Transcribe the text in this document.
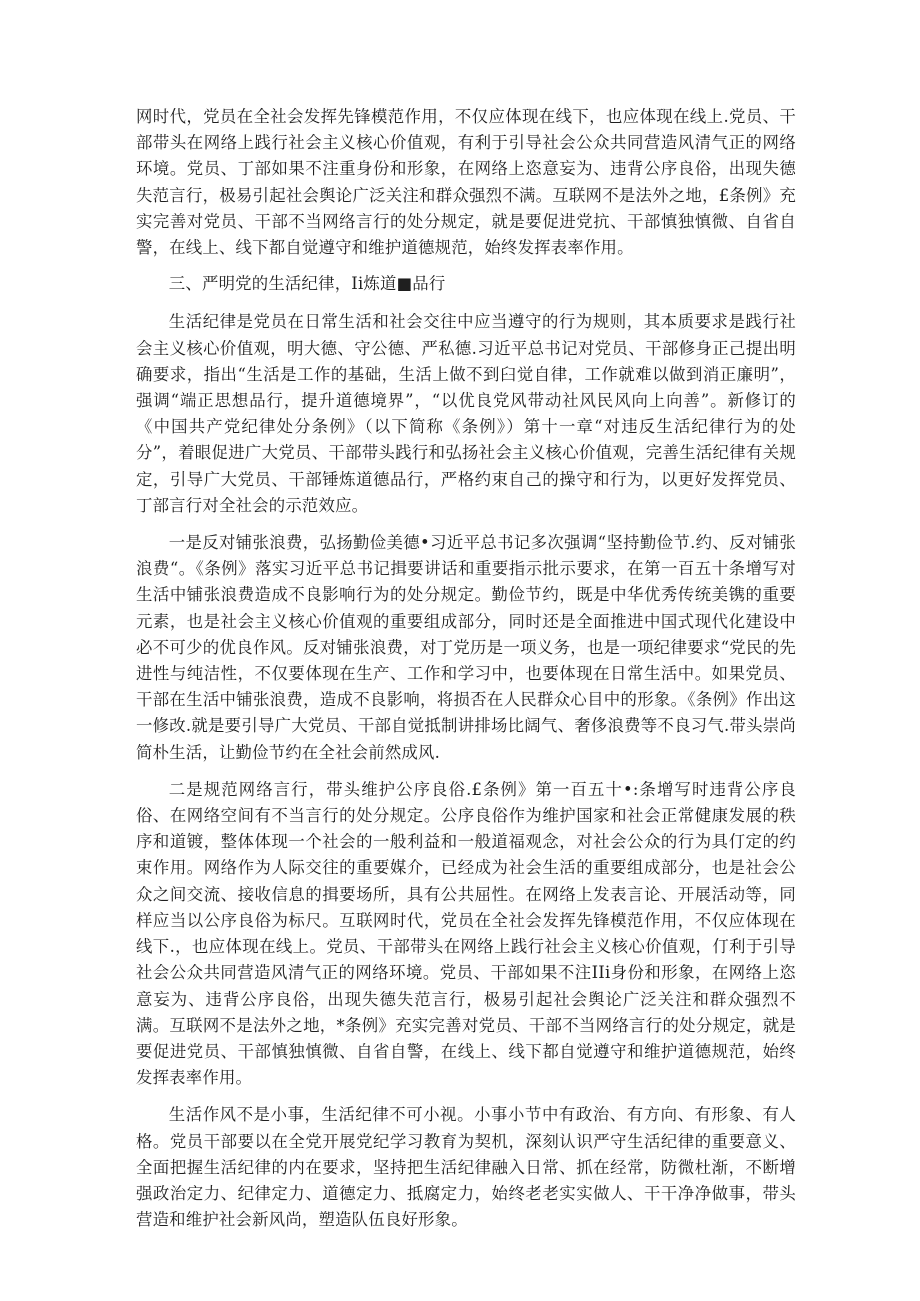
网时代，党员在全社会发挥先锋模范作用，不仅应体现在线下，也应体现在线上.党员、干部带头在网络上践行社会主义核心价值观，有利于引导社会公众共同营造风清气正的网络环境。党员、丁部如果不注重身份和形象，在网络上恣意妄为、违背公序良俗，出现失德失范言行，极易引起社会舆论广泛关注和群众强烈不满。互联网不是法外之地，£条例》充实完善对党员、干部不当网络言行的处分规定，就是要促进党抗、干部慎独慎微、自省自警，在线上、线下都自觉遵守和维护道德规范，始终发挥表率作用。

三、严明党的生活纪律，Ii炼道■品行

生活纪律是党员在日常生活和社会交往中应当遵守的行为规则，其本质要求是践行社会主义核心价值观，明大德、守公德、严私德.习近平总书记对党员、干部修身正己提出明确要求，指出“生活是工作的基础，生活上做不到臼觉自律，工作就难以做到消正廉明”，强调“端正思想品行，提升道德境界”，“以优良党风带动社风民风向上向善”。新修订的《中国共产党纪律处分条例》（以下简称《条例》）第十一章“对违反生活纪律行为的处分”，着眼促进广大党员、干部带头践行和弘扬社会主义核心价值观，完善生活纪律有关规定，引导广大党员、干部锤炼道德品行，严格约束自己的操守和行为，以更好发挥党员、丁部言行对全社会的示范效应。

一是反对铺张浪费，弘扬勤俭美德•习近平总书记多次强调“坚持勤俭节.约、反对铺张浪费“。《条例》落实习近平总书记揖要讲话和重要指示批示要求，在第一百五十条增写对生活中铺张浪费造成不良影响行为的处分规定。勤俭节约，既是中华优秀传统美镌的重要元素，也是社会主义核心价值观的重要组成部分，同时还是全面推进中国式现代化建设中必不可少的优良作风。反对铺张浪费，对丁党历是一项义务，也是一项纪律要求“党民的先进性与纯洁性，不仅要体现在生产、工作和学习中，也要体现在日常生活中。如果党员、干部在生活中铺张浪费，造成不良影响，将损否在人民群众心目中的形象。《条例》作出这一修改.就是要引导广大党员、干部自觉抵制讲排场比阔气、奢侈浪费等不良习气.带头崇尚简朴生活，让勤俭节约在全社会前然成风.

二是规范网络言行，带头维护公序良俗.£条例》第一百五十•:条增写时违背公序良俗、在网络空间有不当言行的处分规定。公序良俗作为维护国家和社会正常健康发展的秩序和道镀，整体体现一个社会的一般利益和一般道福观念，对社会公众的行为具仃定的约束作用。网络作为人际交往的重要媒介，已经成为社会生活的重要组成部分，也是社会公众之间交流、接收信息的揖要场所，具有公共屈性。在网络上发表言论、开展活动等，同样应当以公序良俗为标尺。互联网时代，党员在全社会发挥先锋模范作用，不仅应体现在线下.，也应体现在线上。党员、干部带头在网络上践行社会主义核心价值观，仃利于引导社会公众共同营造风清气正的网络环境。党员、干部如果不注IIi身份和形象，在网络上恣意妄为、违背公序良俗，出现失德失范言行，极易引起社会舆论广泛关注和群众强烈不满。互联网不是法外之地，*条例》充实完善对党员、干部不当网络言行的处分规定，就是要促进党员、干部慎独慎微、自省自警，在线上、线下都自觉遵守和维护道德规范，始终发挥表率作用。

生活作风不是小事，生活纪律不可小视。小事小节中有政治、有方向、有形象、有人格。党员干部要以在全党开展党纪学习教育为契机，深刻认识严守生活纪律的重要意义、全面把握生活纪律的内在要求，坚持把生活纪律融入日常、抓在经常，防微杜渐，不断增强政治定力、纪律定力、道德定力、抵腐定力，始终老老实实做人、干干净净做事，带头营造和维护社会新风尚，塑造队伍良好形象。
